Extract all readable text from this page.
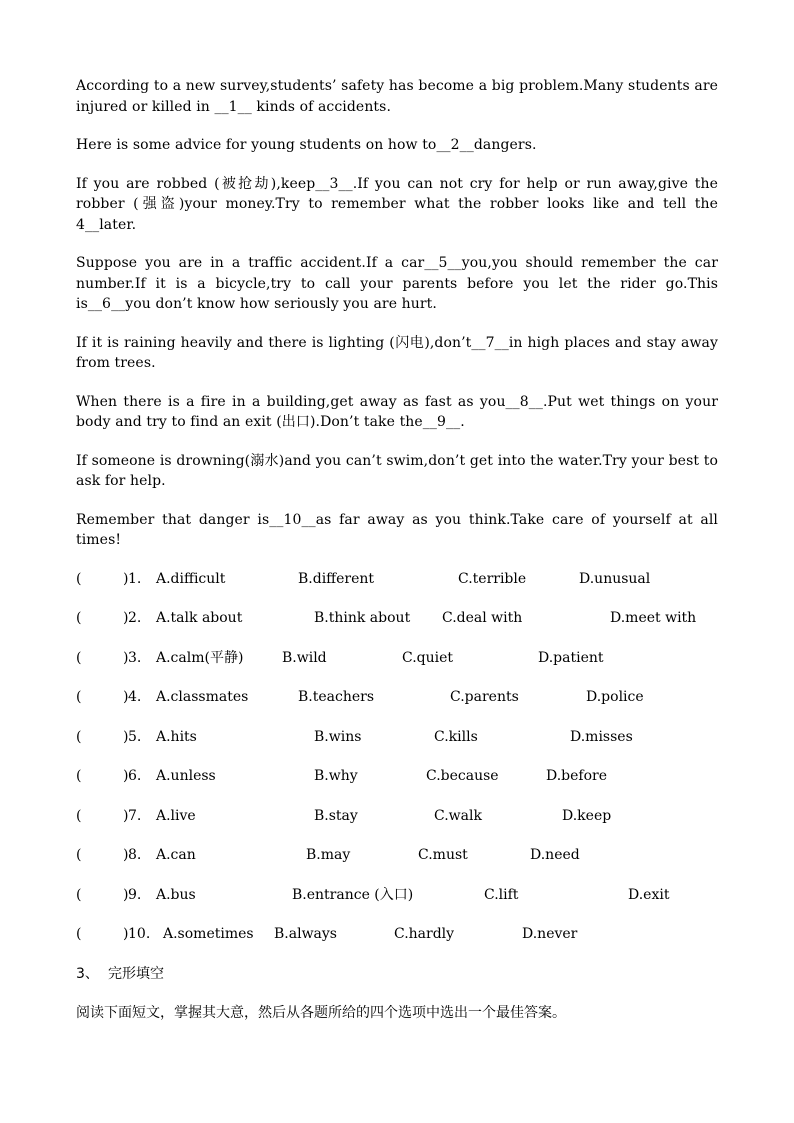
According to a new survey,students’ safety has become a big problem.Many students are injured or killed in __1__ kinds of accidents.

Here is some advice for young students on how to__2__dangers.

If you are robbed (被抢劫),keep__3__.If you can not cry for help or run away,give the robber (强盗)your money.Try to remember what the robber looks like and tell the 4__later.

Suppose you are in a traffic accident.If a car__5__you,you should remember the car number.If it is a bicycle,try to call your parents before you let the rider go.This is__6__you don’t know how seriously you are hurt.

If it is raining heavily and there is lighting (闪电),don’t__7__in high places and stay away from trees.

When there is a fire in a building,get away as fast as you__8__.Put wet things on your body and try to find an exit (出口).Don’t take the__9__.

If someone is drowning(溺水)and you can’t swim,don’t get into the water.Try your best to ask for help.

Remember that danger is__10__as far away as you think.Take care of yourself at all times!

(	) 1. A.difficult	B.different	C.terrible	D.unusual
(	) 2. A.talk about	B.think about C.deal with	D.meet with
(	) 3. A.calm(平静)	B.wild	C.quiet	D.patient
(	) 4. A.classmates	B.teachers	C.parents	D.police
(	) 5. A.hits	B.wins	C.kills	D.misses
(	) 6. A.unless	B.why	C.because	D.before
(	) 7. A.live	B.stay	C.walk	D.keep
(	) 8. A.can	B.may	C.must	D.need
(	) 9. A.bus	B.entrance (入口)	C.lift	D.exit
(	) 10. A.sometimes B.always	C.hardly	D.never
3、 完形填空
阅读下面短文，掌握其大意，然后从各题所给的四个选项中选出一个最佳答案。
